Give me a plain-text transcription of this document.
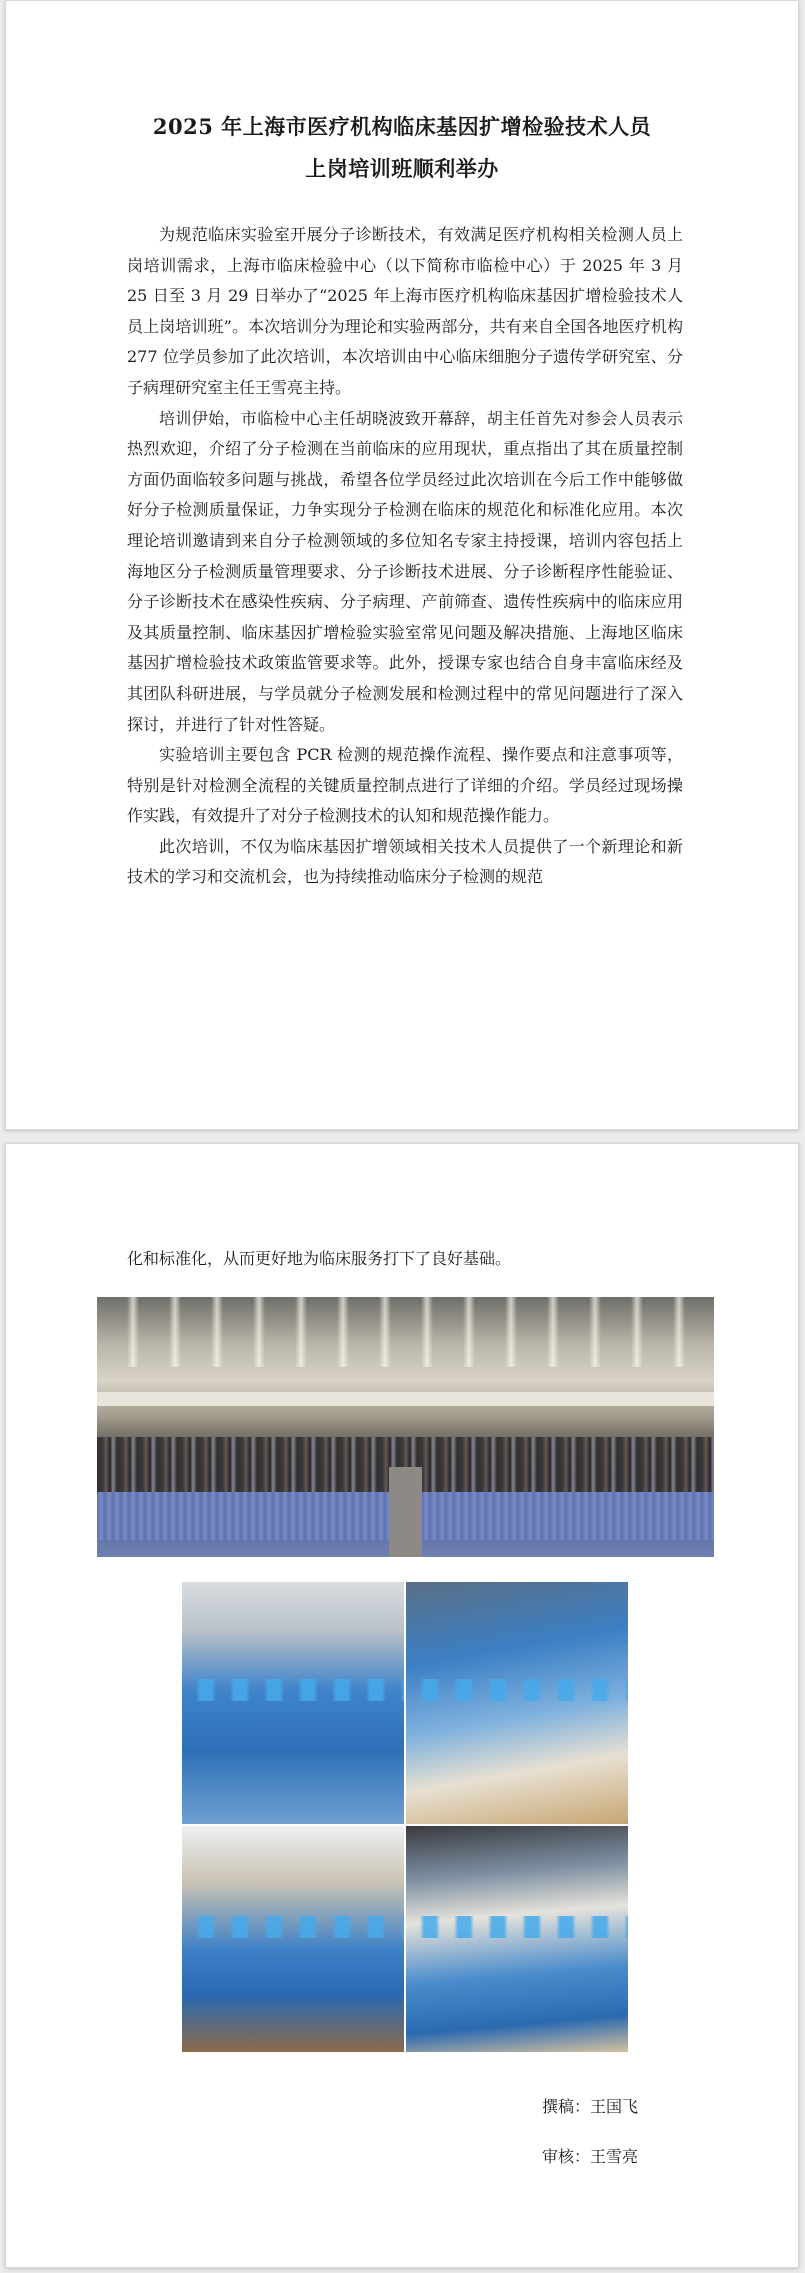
2025 年上海市医疗机构临床基因扩增检验技术人员
上岗培训班顺利举办

为规范临床实验室开展分子诊断技术，有效满足医疗机构相关检测人员上岗培训需求，上海市临床检验中心（以下简称市临检中心）于 2025 年 3 月 25 日至 3 月 29 日举办了“2025 年上海市医疗机构临床基因扩增检验技术人员上岗培训班”。本次培训分为理论和实验两部分，共有来自全国各地医疗机构 277 位学员参加了此次培训，本次培训由中心临床细胞分子遗传学研究室、分子病理研究室主任王雪亮主持。

培训伊始，市临检中心主任胡晓波致开幕辞，胡主任首先对参会人员表示热烈欢迎，介绍了分子检测在当前临床的应用现状，重点指出了其在质量控制方面仍面临较多问题与挑战，希望各位学员经过此次培训在今后工作中能够做好分子检测质量保证，力争实现分子检测在临床的规范化和标准化应用。本次理论培训邀请到来自分子检测领域的多位知名专家主持授课，培训内容包括上海地区分子检测质量管理要求、分子诊断技术进展、分子诊断程序性能验证、分子诊断技术在感染性疾病、分子病理、产前筛查、遗传性疾病中的临床应用及其质量控制、临床基因扩增检验实验室常见问题及解决措施、上海地区临床基因扩增检验技术政策监管要求等。此外，授课专家也结合自身丰富临床经及其团队科研进展，与学员就分子检测发展和检测过程中的常见问题进行了深入探讨，并进行了针对性答疑。

实验培训主要包含 PCR 检测的规范操作流程、操作要点和注意事项等，特别是针对检测全流程的关键质量控制点进行了详细的介绍。学员经过现场操作实践，有效提升了对分子检测技术的认知和规范操作能力。

此次培训，不仅为临床基因扩增领域相关技术人员提供了一个新理论和新技术的学习和交流机会，也为持续推动临床分子检测的规范

化和标准化，从而更好地为临床服务打下了良好基础。

撰稿：王国飞
审核：王雪亮
